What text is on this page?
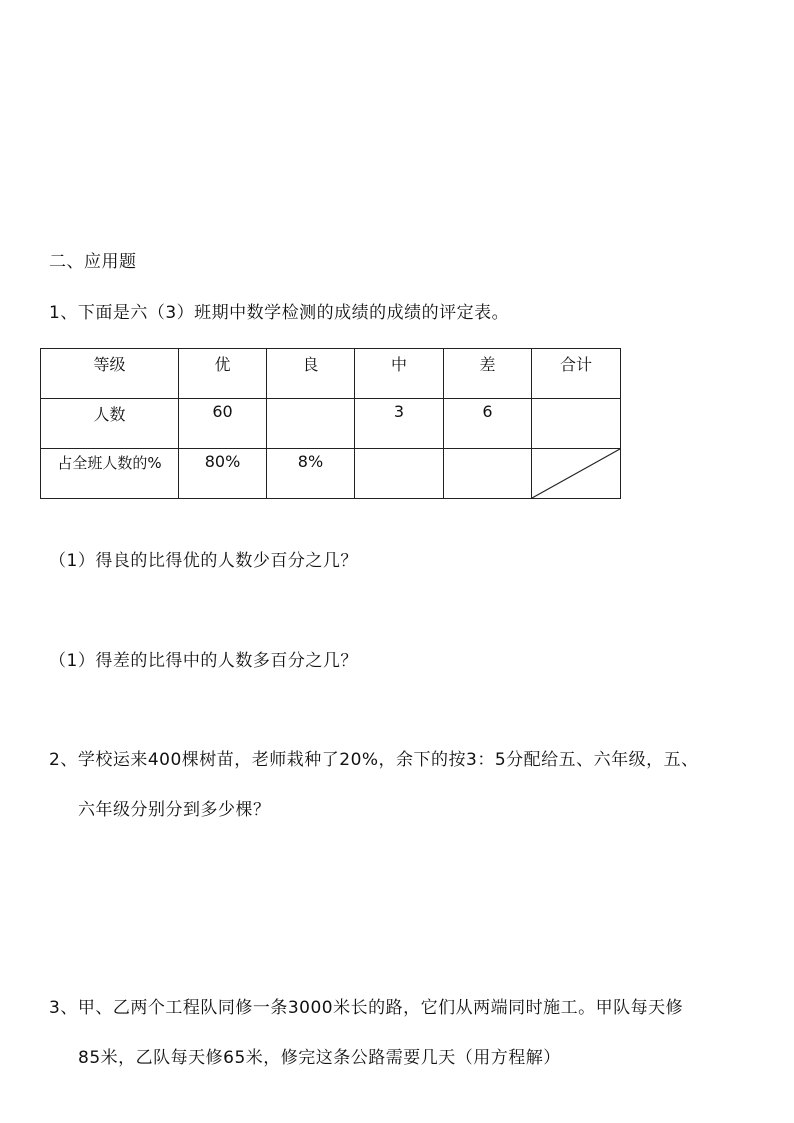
二、应用题
1、下面是六（3）班期中数学检测的成绩的成绩的评定表。
等级	优	良	中	差	合计

人数	60		3	6	

占全班人数的%	80%	8%

（1）得良的比得优的人数少百分之几？
（1）得差的比得中的人数多百分之几？
2、学校运来400棵树苗，老师栽种了20%，余下的按3：5分配给五、六年级，五、
六年级分别分到多少棵？
3、甲、乙两个工程队同修一条3000米长的路，它们从两端同时施工。甲队每天修
85米，乙队每天修65米，修完这条公路需要几天（用方程解）
